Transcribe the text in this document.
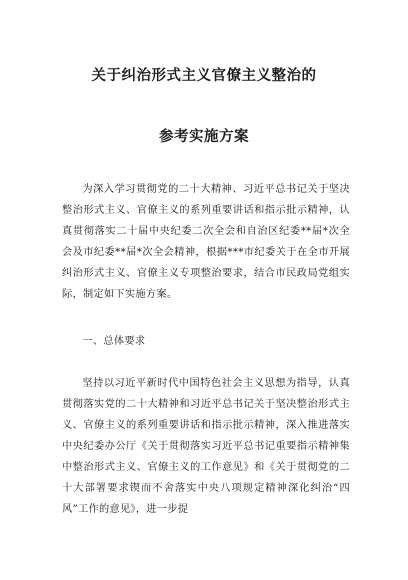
关于纠治形式主义官僚主义整治的
参考实施方案

为深入学习贯彻党的二十大精神、习近平总书记关于坚决整治形式主义、官僚主义的系列重要讲话和指示批示精神，认真贯彻落实二十届中央纪委二次全会和自治区纪委**届*次全会及市纪委**届*次全会精神，根据***市纪委关于在全市开展纠治形式主义、官僚主义专项整治要求，结合市民政局党组实际，制定如下实施方案。

一、总体要求

坚持以习近平新时代中国特色社会主义思想为指导，认真贯彻落实党的二十大精神和习近平总书记关于坚决整治形式主义、官僚主义的系列重要讲话和指示批示精神，深入推进落实中央纪委办公厅《关于贯彻落实习近平总书记重要指示精神集中整治形式主义、官僚主义的工作意见》和《关于贯彻党的二十大部署要求锲而不舍落实中央八项规定精神深化纠治“四风”工作的意见》，进一步提
